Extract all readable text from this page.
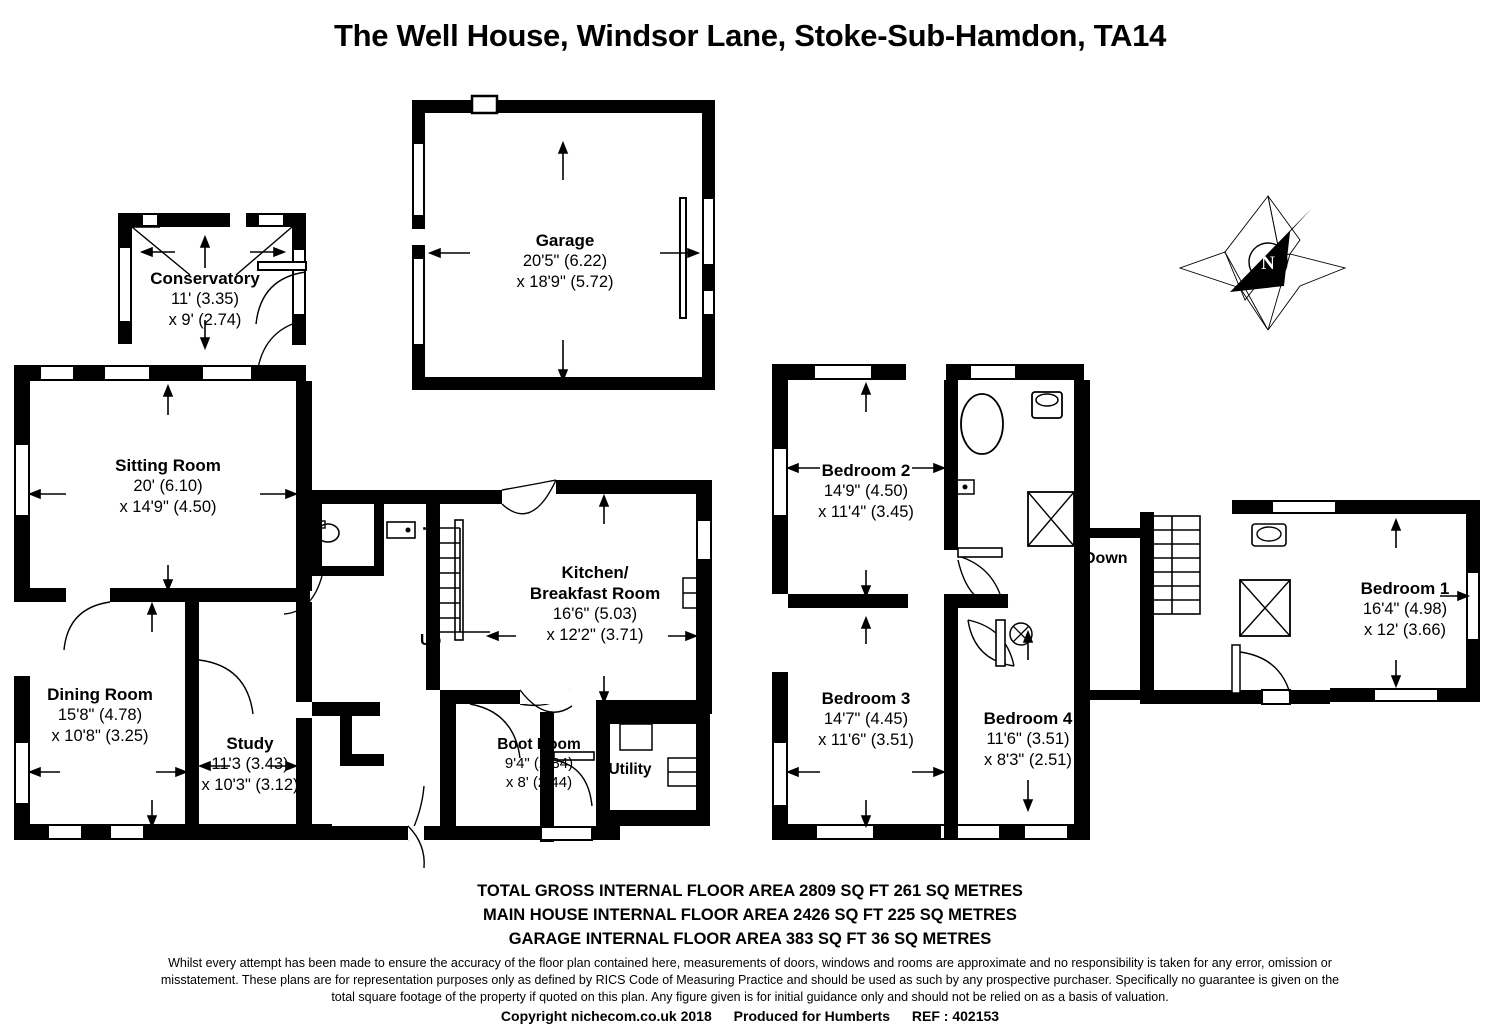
The Well House, Windsor Lane, Stoke-Sub-Hamdon, TA14
N
Conservatory
11' (3.35)
x 9' (2.74)
Garage
20'5" (6.22)
x 18'9" (5.72)
Sitting Room
20' (6.10)
x 14'9" (4.50)
Dining Room
15'8" (4.78)
x 10'8" (3.25)	Study
11'3 (3.43)
x 10'3" (3.12)
Kitchen/
Breakfast Room
16'6" (5.03)
x 12'2" (3.71)
Boot Room
9'4" (2.84)
x 8' (2.44)
Utility
Bedroom 2
14'9" (4.50)
x 11'4" (3.45)
Bedroom 3
14'7" (4.45)
x 11'6" (3.51)
Bedroom 4
11'6" (3.51)
x 8'3" (2.51)
Bedroom 1
16'4" (4.98)
x 12' (3.66)
Up
Down
TOTAL GROSS INTERNAL FLOOR AREA 2809 SQ FT 261 SQ METRES
MAIN HOUSE INTERNAL FLOOR AREA 2426 SQ FT 225 SQ METRES
GARAGE INTERNAL FLOOR AREA 383 SQ FT 36 SQ METRES
Whilst every attempt has been made to ensure the accuracy of the floor plan contained here, measurements of doors, windows and rooms are approximate and no responsibility is taken for any error, omission or misstatement. These plans are for representation purposes only as defined by RICS Code of Measuring Practice and should be used as such by any prospective purchaser. Specifically no guarantee is given on the total square footage of the property if quoted on this plan. Any figure given is for initial guidance only and should not be relied on as a basis of valuation.
Copyright nichecom.co.uk 2018 Produced for Humberts REF : 402153
